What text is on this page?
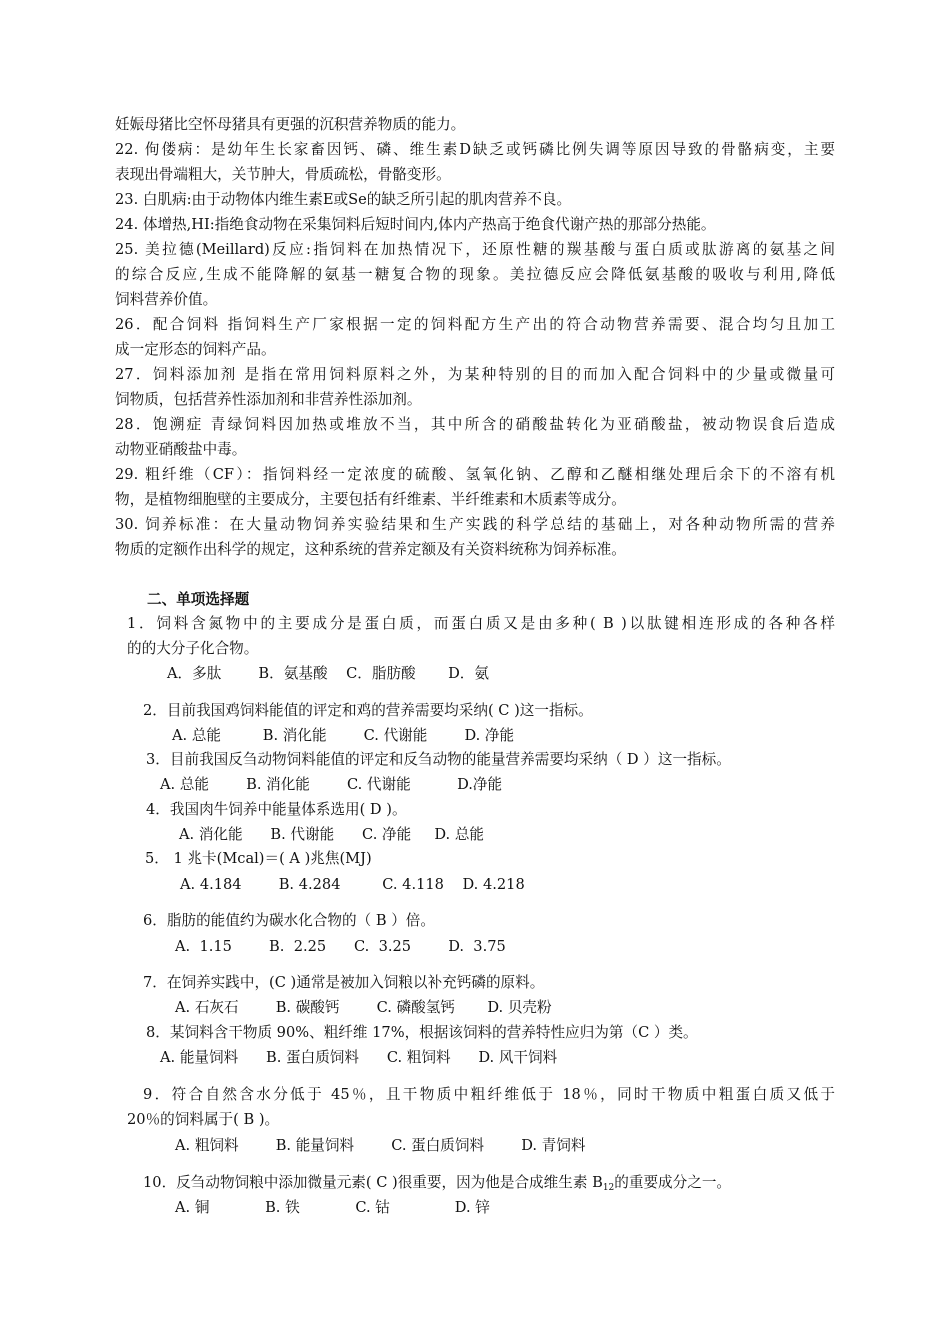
妊娠母猪比空怀母猪具有更强的沉积营养物质的能力。
22. 佝偻病：是幼年生长家畜因钙、磷、维生素D缺乏或钙磷比例失调等原因导致的骨骼病变，主要
表现出骨端粗大，关节肿大，骨质疏松，骨骼变形。
23. 白肌病:由于动物体内维生素E或Se的缺乏所引起的肌肉营养不良。
24. 体增热,HI:指绝食动物在采集饲料后短时间内,体内产热高于绝食代谢产热的那部分热能。
25. 美拉德(Meillard)反应:指饲料在加热情况下，还原性糖的羰基酸与蛋白质或肽游离的氨基之间
的综合反应,生成不能降解的氨基一糖复合物的现象。美拉德反应会降低氨基酸的吸收与利用,降低
饲料营养价值。
26．配合饲料 指饲料生产厂家根据一定的饲料配方生产出的符合动物营养需要、混合均匀且加工
成一定形态的饲料产品。
27．饲料添加剂 是指在常用饲料原料之外，为某种特别的目的而加入配合饲料中的少量或微量可
饲物质，包括营养性添加剂和非营养性添加剂。
28．饱溯症 青绿饲料因加热或堆放不当，其中所含的硝酸盐转化为亚硝酸盐，被动物误食后造成
动物亚硝酸盐中毒。
29. 粗纤维（CF）：指饲料经一定浓度的硫酸、氢氧化钠、乙醇和乙醚相继处理后余下的不溶有机
物，是植物细胞壁的主要成分，主要包括有纤维素、半纤维素和木质素等成分。
30. 饲养标准：在大量动物饲养实验结果和生产实践的科学总结的基础上，对各种动物所需的营养
物质的定额作出科学的规定，这种系统的营养定额及有关资料统称为饲养标准。
二、单项选择题
1．饲料含氮物中的主要成分是蛋白质，而蛋白质又是由多种( B )以肽键相连形成的各种各样
的的大分子化合物。
A．多肽        B．氨基酸    C．脂肪酸       D．氨
2．目前我国鸡饲料能值的评定和鸡的营养需要均采纳( C )这一指标。
A. 总能         B. 消化能        C. 代谢能        D. 净能
3．目前我国反刍动物饲料能值的评定和反刍动物的能量营养需要均采纳（ D ）这一指标。
A. 总能        B. 消化能        C. 代谢能          D.净能
4．我国肉牛饲养中能量体系选用( D )。
A. 消化能      B. 代谢能      C. 净能     D. 总能
5． 1 兆卡(Mcal)＝( A )兆焦(MJ)
A. 4.184        B. 4.284         C. 4.118    D. 4.218
6．脂肪的能值约为碳水化合物的（ B ）倍。
A.  1.15        B.  2.25      C.  3.25        D.  3.75
7．在饲养实践中，(C )通常是被加入饲粮以补充钙磷的原料。
A. 石灰石        B. 碳酸钙        C. 磷酸氢钙       D. 贝壳粉
8．某饲料含干物质 90%、粗纤维 17%，根据该饲料的营养特性应归为第（C ）类。
A. 能量饲料      B. 蛋白质饲料      C. 粗饲料      D. 风干饲料
9．符合自然含水分低于 45％，且干物质中粗纤维低于 18％，同时干物质中粗蛋白质又低于
20％的饲料属于( B )。
A. 粗饲料        B. 能量饲料        C. 蛋白质饲料        D. 青饲料
10．反刍动物饲粮中添加微量元素( C )很重要，因为他是合成维生素 $B_{12}$的重要成分之一。
A. 铜            B. 铁            C. 钴              D. 锌
